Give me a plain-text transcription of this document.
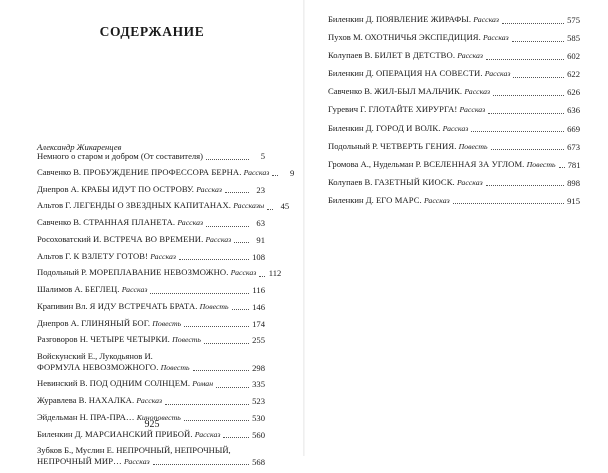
СОДЕРЖАНИЕ
Александр Жикаренцев
Немного о старом и добром (От составителя)	5
Савченко В. ПРОБУЖДЕНИЕ ПРОФЕССОРА БЕРНА. Рассказ	9
Днепров А. КРАБЫ ИДУТ ПО ОСТРОВУ. Рассказ	23
Альтов Г. ЛЕГЕНДЫ О ЗВЕЗДНЫХ КАПИТАНАХ. Рассказы	45
Савченко В. СТРАННАЯ ПЛАНЕТА. Рассказ	63
Росоховатский И. ВСТРЕЧА ВО ВРЕМЕНИ. Рассказ	91
Альтов Г. К ВЗЛЕТУ ГОТОВ! Рассказ	108
Подольный Р. МОРЕПЛАВАНИЕ НЕВОЗМОЖНО. Рассказ 112
Шалимов А. БЕГЛЕЦ. Рассказ	116
Крапивин Вл. Я ИДУ ВСТРЕЧАТЬ БРАТА. Повесть	146
Днепров А. ГЛИНЯНЫЙ БОГ. Повесть	174
Разговоров Н. ЧЕТЫРЕ ЧЕТЫРКИ. Повесть	255
Войскунский Е., Лукодьянов И.
ФОРМУЛА НЕВОЗМОЖНОГО. Повесть	298
Невинский В. ПОД ОДНИМ СОЛНЦЕМ. Роман	335
Журавлева В. НАХАЛКА. Рассказ	523
Эйдельман Н. ПРА-ПРА… Киноповесть	530
Биленкин Д. МАРСИАНСКИЙ ПРИБОЙ. Рассказ	560
Зубков Б., Муслин Е. НЕПРОЧНЫЙ, НЕПРОЧНЫЙ,
НЕПРОЧНЫЙ МИР… Рассказ	568
925
Биленкин Д. ПОЯВЛЕНИЕ ЖИРАФЫ. Рассказ	575
Пухов М. ОХОТНИЧЬЯ ЭКСПЕДИЦИЯ. Рассказ	585
Колупаев В. БИЛЕТ В ДЕТСТВО. Рассказ	602
Биленкин Д. ОПЕРАЦИЯ НА СОВЕСТИ. Рассказ	622
Савченко В. ЖИЛ-БЫЛ МАЛЬЧИК. Рассказ	626
Гуревич Г. ГЛОТАЙТЕ ХИРУРГА! Рассказ	636
Биленкин Д. ГОРОД И ВОЛК. Рассказ	669
Подольный Р. ЧЕТВЕРТЬ ГЕНИЯ. Повесть	673
Громова А., Нудельман Р. ВСЕЛЕННАЯ ЗА УГЛОМ. Повесть 781
Колупаев В. ГАЗЕТНЫЙ КИОСК. Рассказ	898
Биленкин Д. ЕГО МАРС. Рассказ	915
